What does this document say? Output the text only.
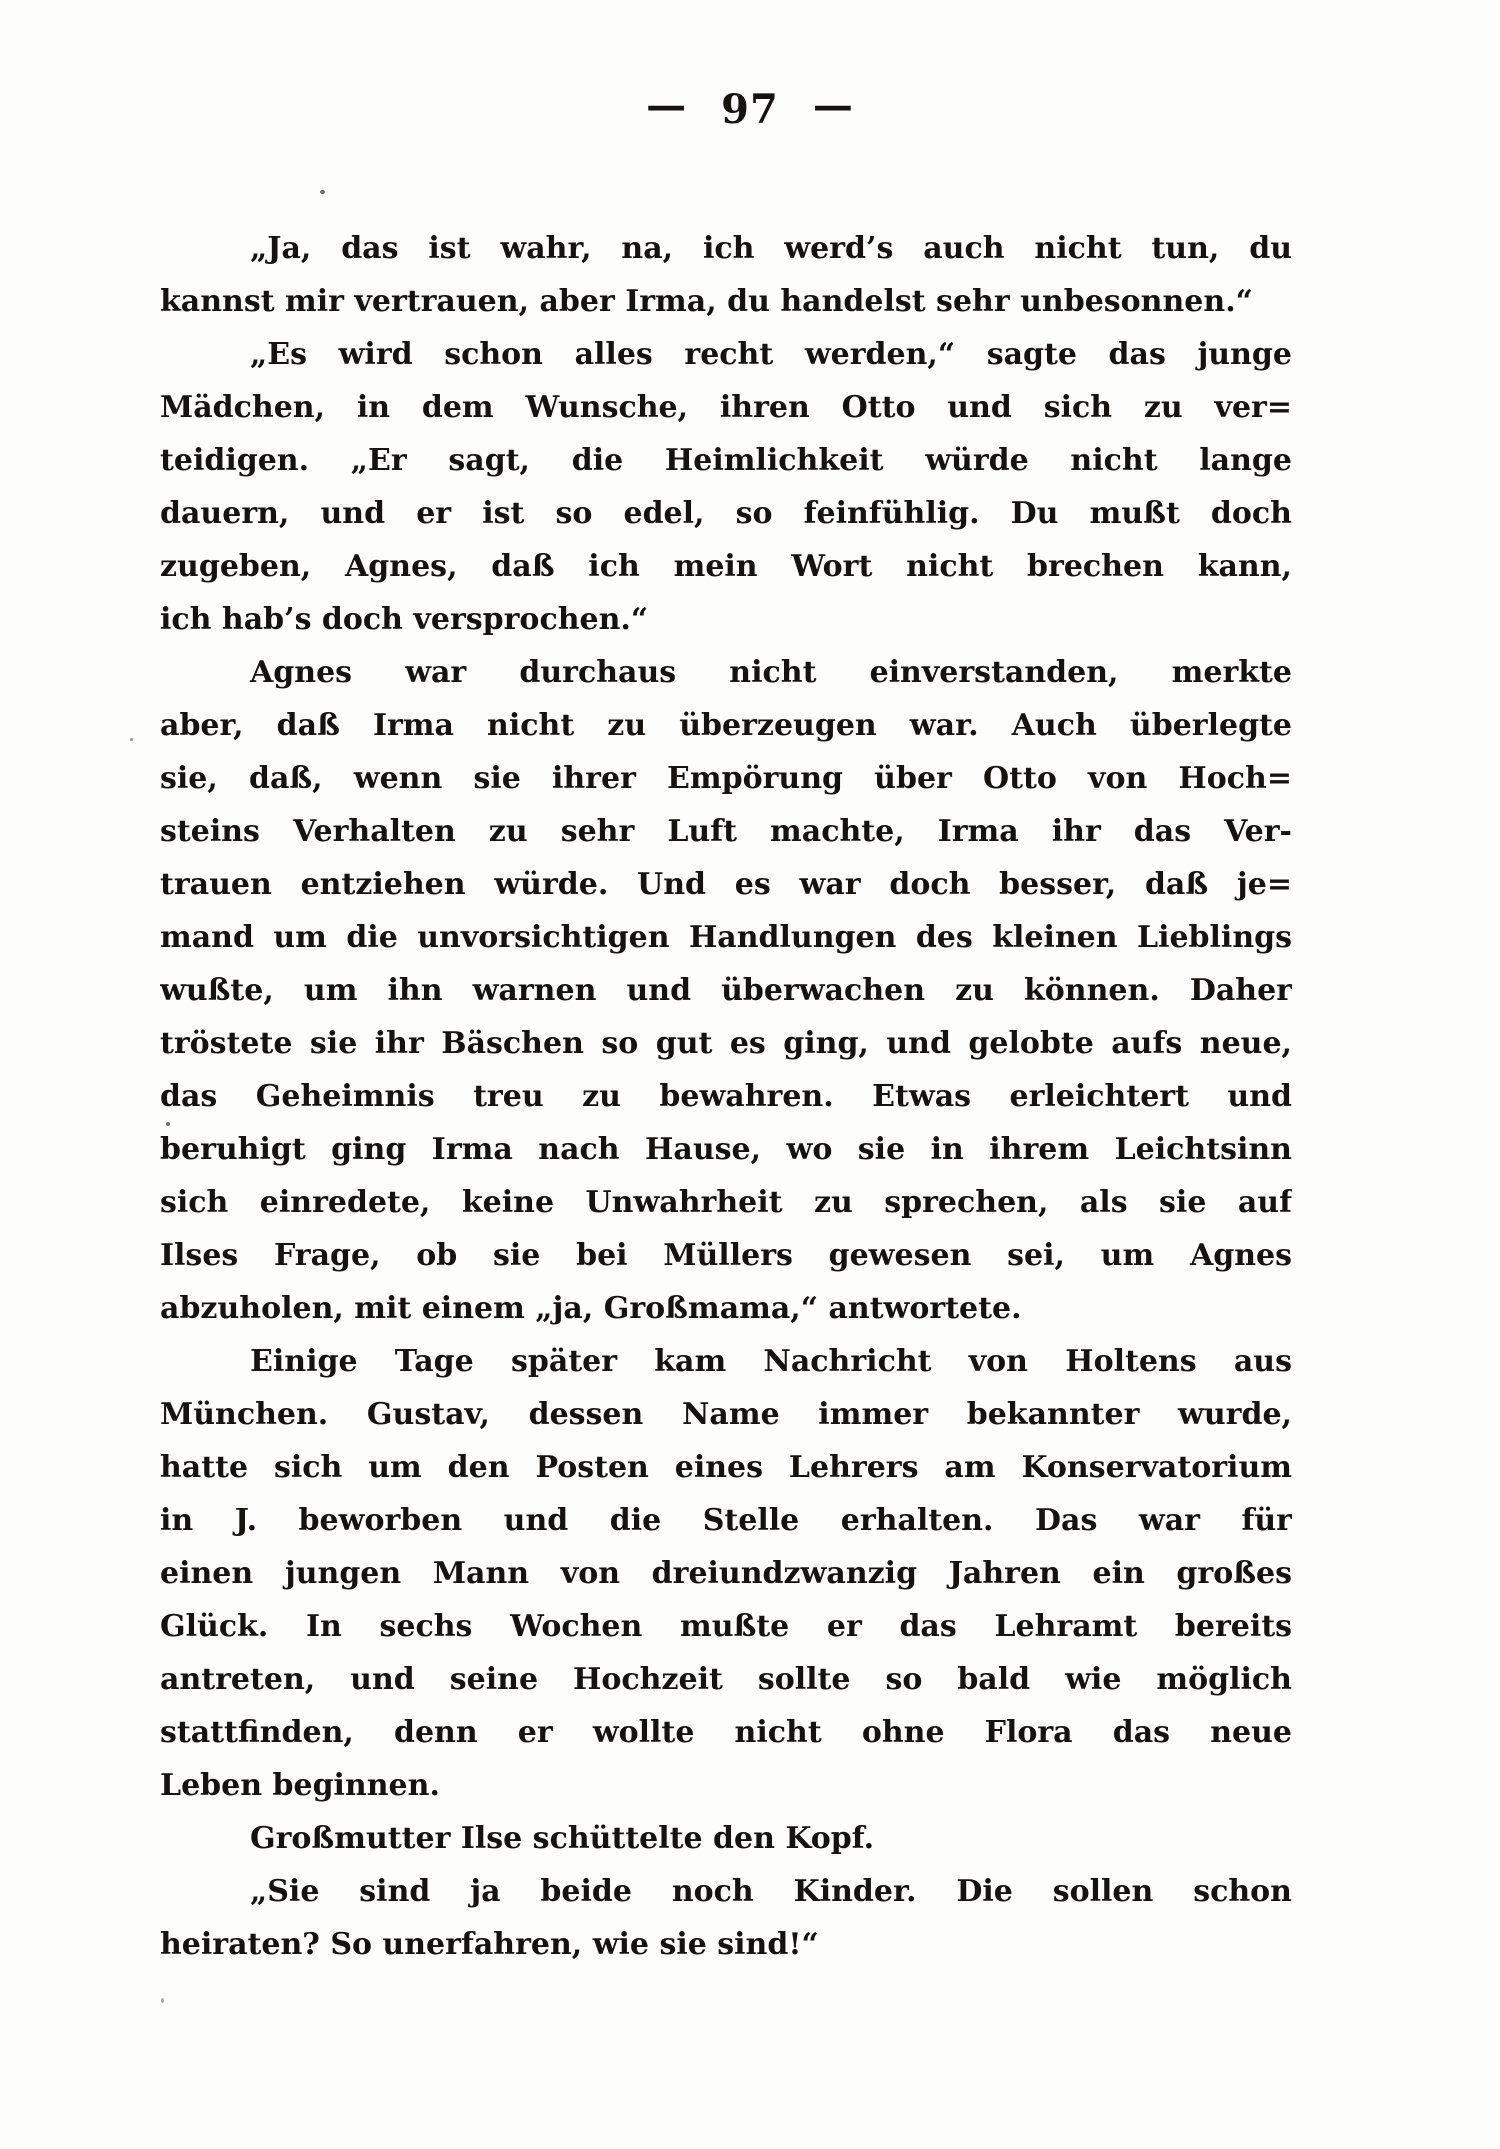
— 97 —
„Ja, das ist wahr, na, ich werd’s auch nicht tun, du
kannst mir vertrauen, aber Irma, du handelst sehr unbesonnen.“
„Es wird schon alles recht werden,“ sagte das junge
Mädchen, in dem Wunsche, ihren Otto und sich zu ver=
teidigen. „Er sagt, die Heimlichkeit würde nicht lange
dauern, und er ist so edel, so feinfühlig. Du mußt doch
zugeben, Agnes, daß ich mein Wort nicht brechen kann,
ich hab’s doch versprochen.“
Agnes war durchaus nicht einverstanden, merkte
aber, daß Irma nicht zu überzeugen war. Auch überlegte
sie, daß, wenn sie ihrer Empörung über Otto von Hoch=
steins Verhalten zu sehr Luft machte, Irma ihr das Ver-
trauen entziehen würde. Und es war doch besser, daß je=
mand um die unvorsichtigen Handlungen des kleinen Lieblings
wußte, um ihn warnen und überwachen zu können. Daher
tröstete sie ihr Bäschen so gut es ging, und gelobte aufs neue,
das Geheimnis treu zu bewahren. Etwas erleichtert und
beruhigt ging Irma nach Hause, wo sie in ihrem Leichtsinn
sich einredete, keine Unwahrheit zu sprechen, als sie auf
Ilses Frage, ob sie bei Müllers gewesen sei, um Agnes
abzuholen, mit einem „ja, Großmama,“ antwortete.
Einige Tage später kam Nachricht von Holtens aus
München. Gustav, dessen Name immer bekannter wurde,
hatte sich um den Posten eines Lehrers am Konservatorium
in J. beworben und die Stelle erhalten. Das war für
einen jungen Mann von dreiundzwanzig Jahren ein großes
Glück. In sechs Wochen mußte er das Lehramt bereits
antreten, und seine Hochzeit sollte so bald wie möglich
stattfinden, denn er wollte nicht ohne Flora das neue
Leben beginnen.
Großmutter Ilse schüttelte den Kopf.
„Sie sind ja beide noch Kinder. Die sollen schon
heiraten? So unerfahren, wie sie sind!“
